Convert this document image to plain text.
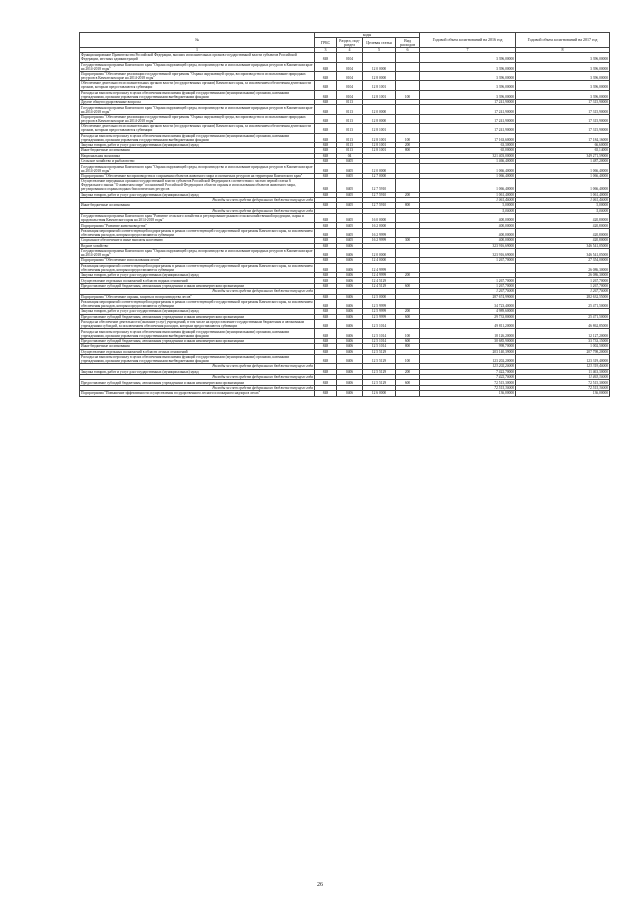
№	коды				Годовой объем ассигнований на 2016 год	Годовой объем ассигнований на 2017 год
	ГРБС	Раздел, под-раздел	Целевая статья	Вид расходов		
1	3	4	5	6	7	8
Функционирование Правительства Российской Федерации, высших исполнительных органов государственной власти субъектов Российской Федерации, местных администраций	848	0104			3 396,00000	3 396,00000
Государственная программа Камчатского края "Охрана окружающей среды, воспроизводство и использование природных ресурсов в Камчатском крае на 2014-2018 годы"	848	0104	12 0 0000		3 396,00000	3 396,00000
Подпрограмма "Обеспечение реализации государственной программы "Охрана окружающей среды, воспроизводство и использование природных ресурсов в Камчатском крае на 2014-2018 годы"	848	0104	12 8 0000		3 396,00000	3 396,00000
Обеспечение деятельности исполнительных органов власти (государственных органов) Камчатского края, за исключением обеспечения деятельности органов, которым предоставляются субвенции	848	0104	12 8 1001		3 396,00000	3 396,00000
Расходы на выплаты персоналу в целях обеспечения выполнения функций государственными (муниципальными) органами, казенными учреждениями, органами управления государственными внебюджетными фондами	848	0104	12 8 1001	100	3 396,00000	3 396,00000
Другие общегосударственные вопросы	848	0113			17 241,90000	17 315,90000
Государственная программа Камчатского края "Охрана окружающей среды, воспроизводство и использование природных ресурсов в Камчатском крае на 2014-2018 годы"	848	0113	12 0 0000		17 241,90000	17 315,90000
Подпрограмма "Обеспечение реализации государственной программы "Охрана окружающей среды, воспроизводство и использование природных ресурсов в Камчатском крае на 2014-2018 годы"	848	0113	12 8 0000		17 241,90000	17 315,90000
Обеспечение деятельности исполнительных органов власти (государственных органов) Камчатского края, за исключением обеспечения деятельности органов, которым предоставляются субвенции	848	0113	12 8 1001		17 241,90000	17 315,90000
Расходы на выплаты персоналу в целях обеспечения выполнения функций государственными (муниципальными) органами, казенными учреждениями, органами управления государственными внебюджетными фондами	848	0113	12 8 1001	100	17 163,60000	17 184,16000
Закупка товаров, работ и услуг для государственных (муниципальных) нужд	848	0113	12 8 1001	200	63,30000	66,60000
Иные бюджетные ассигнования	848	0113	12 8 1001	800	65,00000	65,14000
Национальная экономика	848	04			321 403,00000	349 271,59000
Сельское хозяйство и рыболовство	848	0405			1 466,40000	1 487,20000
Государственная программа Камчатского края "Охрана окружающей среды, воспроизводство и использование природных ресурсов в Камчатском крае на 2014-2018 годы"	848	0405	12 0 0000		1 066,40000	1 066,40000
Подпрограмма "Обеспечение воспроизводства и сохранения объектов животного мира и охотничьих ресурсов на территории Камчатского края"	848	0405	12 7 0000		1 066,40000	1 066,40000
Осуществление переданных органам государственной власти субъектов Российской Федерации в соответствии с частью первой статьи 6 Федерального закона "О животном мире" полномочий Российской Федерации в области охраны и использования объектов животного мира, регулирования и охраны водных биологических ресурсов	848	0405	12 7 5910		1 066,40000	1 066,40000
Закупка товаров, работ и услуг для государственных (муниципальных) нужд	848	0405	12 7 5910	200	1 061,40000	1 061,40000
Расходы за счет средств федерального бюджета текущего года					1 061,40000	1 061,40000
Иные бюджетные ассигнования	848	0405	12 7 5910	800	5,00000	5,00000
Расходы за счет средств федерального бюджета текущего года					5,00000	5,00000
Государственная программа Камчатского края "Развитие сельского хозяйства и регулирование рынков сельскохозяйственной продукции, сырья и продовольствия Камчатского края на 2014-2018 годы"	848	0405	16 0 0000		400,00000	420,80000
Подпрограмма "Развитие животноводства"	848	0405	16 2 0000		400,00000	420,80000
Реализация мероприятий соответствующей подпрограммы в рамках соответствующей государственной программы Камчатского края, за исключением обеспечения расходов, которым предоставляются субвенции	848	0405	16 2 9999		400,00000	420,80000
Социальное обеспечение и иные выплаты населению	848	0405	16 2 9999	300	400,00000	420,80000
Водное хозяйство	848	0406			323 916,69000	346 541,05000
Государственная программа Камчатского края "Охрана окружающей среды, воспроизводство и использование природных ресурсов в Камчатском крае на 2014-2018 годы"	848	0406	12 0 0000		323 916,69000	346 541,05000
Подпрограмма "Обеспечение использования лесов"	848	0406	12 4 0000		1 267,70000	27 354,00000
Реализация мероприятий соответствующей подпрограммы в рамках соответствующей государственной программы Камчатского края, за исключением обеспечения расходов, которым предоставляются субвенции	848	0406	12 4 9999			26 086,30000
Закупка товаров, работ и услуг для государственных (муниципальных) нужд	848	0406	12 4 9999	200		26 086,30000
Осуществление отдельных полномочий в области водных отношений	848	0406	12 4 5129		1 267,70000	1 267,70000
Предоставление субсидий бюджетным, автономным учреждениям и иным некоммерческим организациям	848	0406	12 4 5129	600	1 267,70000	1 267,70000
Расходы за счет средств федерального бюджета текущего года					1 267,70000	1 267,70000
Подпрограмма "Обеспечение охраны, защиты и воспроизводства лесов"	848	0406	12 5 0000		287 674,99000	282 632,55000
Реализация мероприятий соответствующей подпрограммы в рамках соответствующей государственной программы Камчатского края, за исключением обеспечения расходов, которым предоставляются субвенции	848	0406	12 5 9999		34 723,40000	25 471,50000
Закупка товаров, работ и услуг для государственных (муниципальных) нужд	848	0406	12 5 9999	200	4 989,60000	
Предоставление субсидий бюджетным, автономным учреждениям и иным некоммерческим организациям	848	0406	12 5 9999	600	29 733,80000	25 471,50000
Расходы на обеспечение деятельности (оказание услуг) учреждений, в том числе на предоставление государственным бюджетным и автономным учреждениям субсидий, за исключением обеспечения расходов, которым предоставляются субвенции	848	0406	12 5 1014		49 811,20000	46 862,85000
Расходы на выплаты персоналу в целях обеспечения выполнения функций государственными (муниципальными) органами, казенными учреждениями, органами управления государственными внебюджетными фондами	848	0406	12 5 1014	100	18 126,20000	12 127,20000
Предоставление субсидий бюджетным, автономным учреждениям и иным некоммерческим организациям	848	0406	12 5 1014	600	30 685,90000	33 733,15000
Иные бюджетные ассигнования	848	0406	12 5 1014	800	998,70000	1 002,50000
Осуществление отдельных полномочий в области лесных отношений	848	0406	12 5 5129		203 140,39000	207 798,20000
Расходы на выплаты персоналу в целях обеспечения выполнения функций государственными (муниципальными) органами, казенными учреждениями, органами управления государственными внебюджетными фондами	848	0406	12 5 5129	100	123 202,20000	123 319,40000
Расходы за счет средств федерального бюджета текущего года					123 202,20000	123 319,40000
Закупка товаров, работ и услуг для государственных (муниципальных) нужд	848	0406	12 5 5129	200	7 422,70000	11 463,30000
Расходы за счет средств федерального бюджета текущего года					7 422,70000	11 463,30000
Предоставление субсидий бюджетным, автономным учреждениям и иным некоммерческим организациям	848	0406	12 5 5129	600	72 515,30000	72 515,30000
Расходы за счет средств федерального бюджета текущего года					72 515,30000	72 515,30000
Подпрограмма "Повышение эффективности осуществления государственного лесного и пожарного надзора в лесах"	848	0406	12 6 0000		136,00000	136,00000
26
